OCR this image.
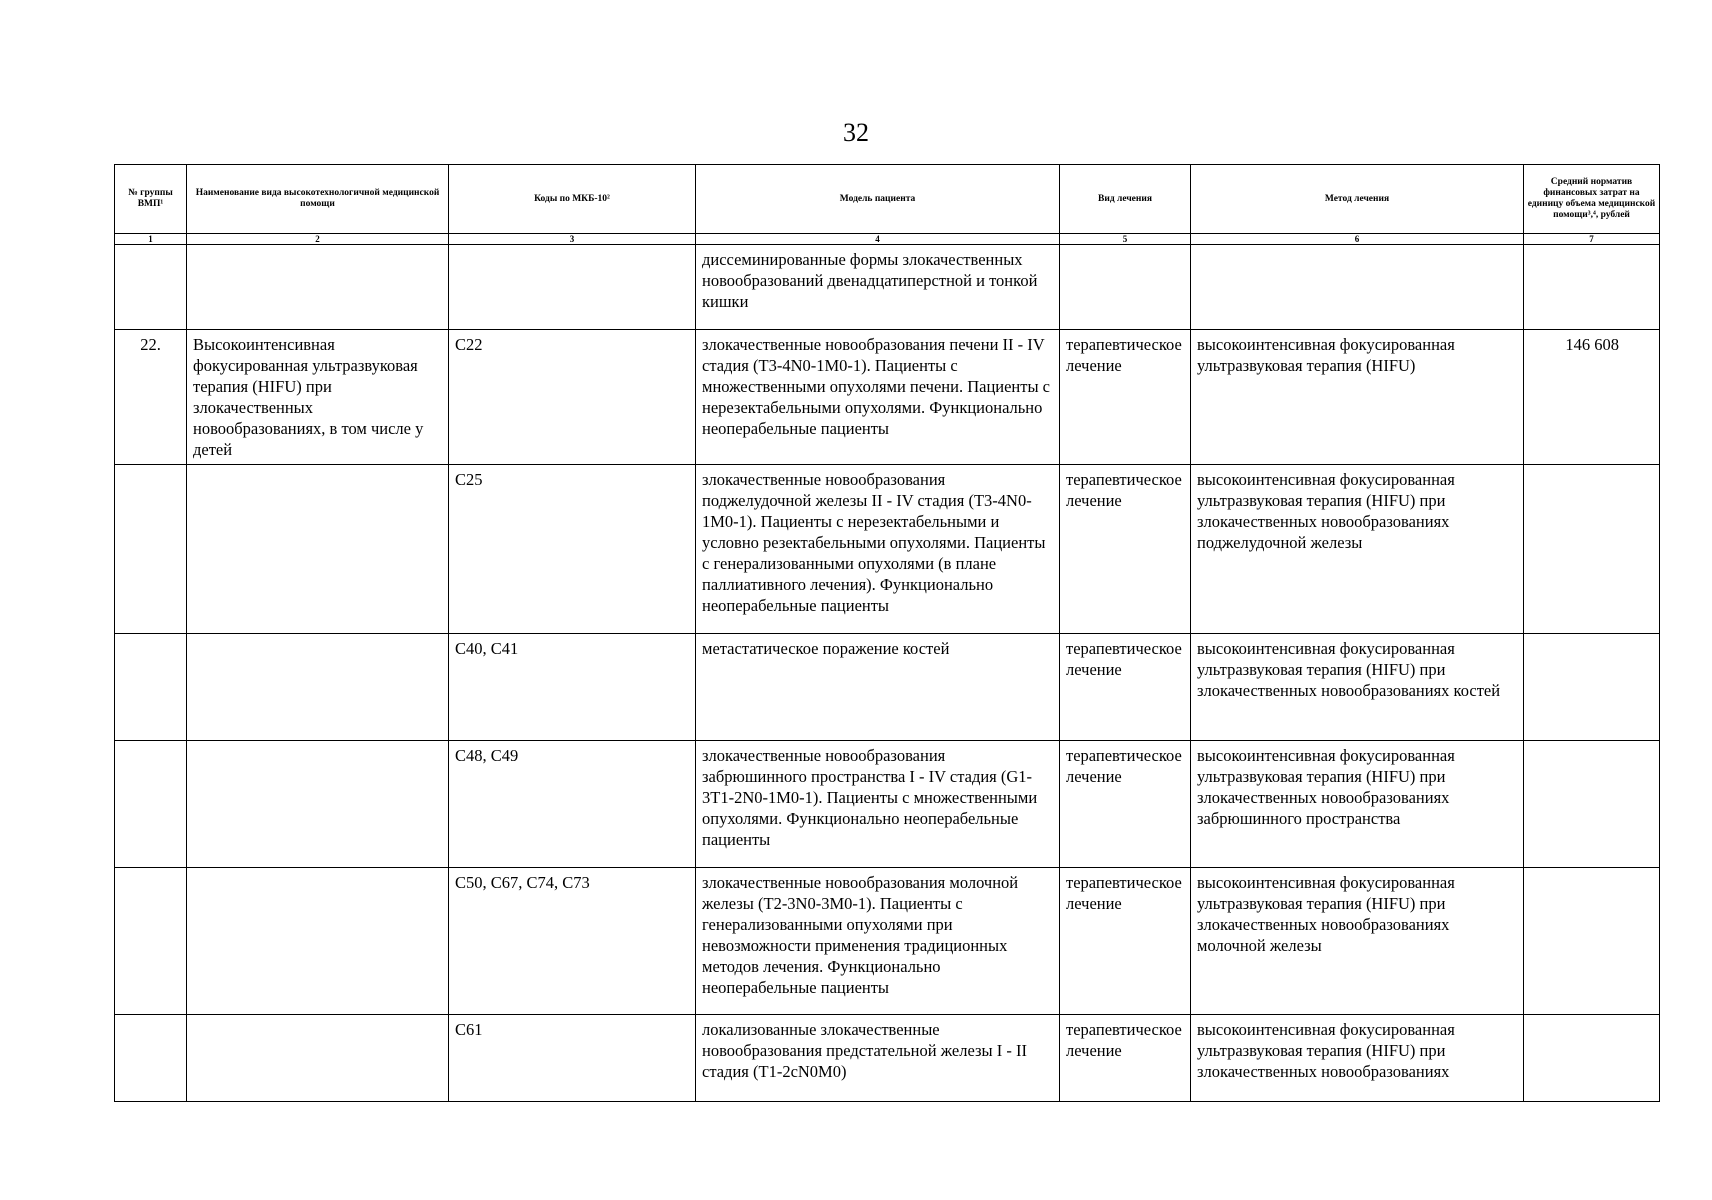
32
№ группы ВМП¹	Наименование вида высокотехнологичной медицинской помощи	Коды по МКБ-10²	Модель пациента	Вид лечения	Метод лечения	Средний норматив финансовых затрат на единицу объема медицинской помощи³,⁴, рублей
1	2	3	4	5	6	7
			диссеминированные формы злокачественных новообразований двенадцатиперстной и тонкой кишки			
22.	Высокоинтенсивная фокусированная ультразвуковая терапия (HIFU) при злокачественных новообразованиях, в том числе у детей	C22	злокачественные новообразования печени II - IV стадия (T3-4N0-1M0-1). Пациенты с множественными опухолями печени. Пациенты с нерезектабельными опухолями. Функционально неоперабельные пациенты	терапевтическое лечение	высокоинтенсивная фокусированная ультразвуковая терапия (HIFU)	146 608
		C25	злокачественные новообразования поджелудочной железы II - IV стадия (T3-4N0-1M0-1). Пациенты с нерезектабельными и условно резектабельными опухолями. Пациенты с генерализованными опухолями (в плане паллиативного лечения). Функционально неоперабельные пациенты	терапевтическое лечение	высокоинтенсивная фокусированная ультразвуковая терапия (HIFU) при злокачественных новообразованиях поджелудочной железы	
		C40, C41	метастатическое поражение костей	терапевтическое лечение	высокоинтенсивная фокусированная ультразвуковая терапия (HIFU) при злокачественных новообразованиях костей	
		C48, C49	злокачественные новообразования забрюшинного пространства I - IV стадия (G1-3T1-2N0-1M0-1). Пациенты с множественными опухолями. Функционально неоперабельные пациенты	терапевтическое лечение	высокоинтенсивная фокусированная ультразвуковая терапия (HIFU) при злокачественных новообразованиях забрюшинного пространства	
		C50, C67, C74, C73	злокачественные новообразования молочной железы (T2-3N0-3M0-1). Пациенты с генерализованными опухолями при невозможности применения традиционных методов лечения. Функционально неоперабельные пациенты	терапевтическое лечение	высокоинтенсивная фокусированная ультразвуковая терапия (HIFU) при злокачественных новообразованиях молочной железы	
		C61	локализованные злокачественные новообразования предстательной железы I - II стадия (T1-2cN0M0)	терапевтическое лечение	высокоинтенсивная фокусированная ультразвуковая терапия (HIFU) при злокачественных новообразованиях	
